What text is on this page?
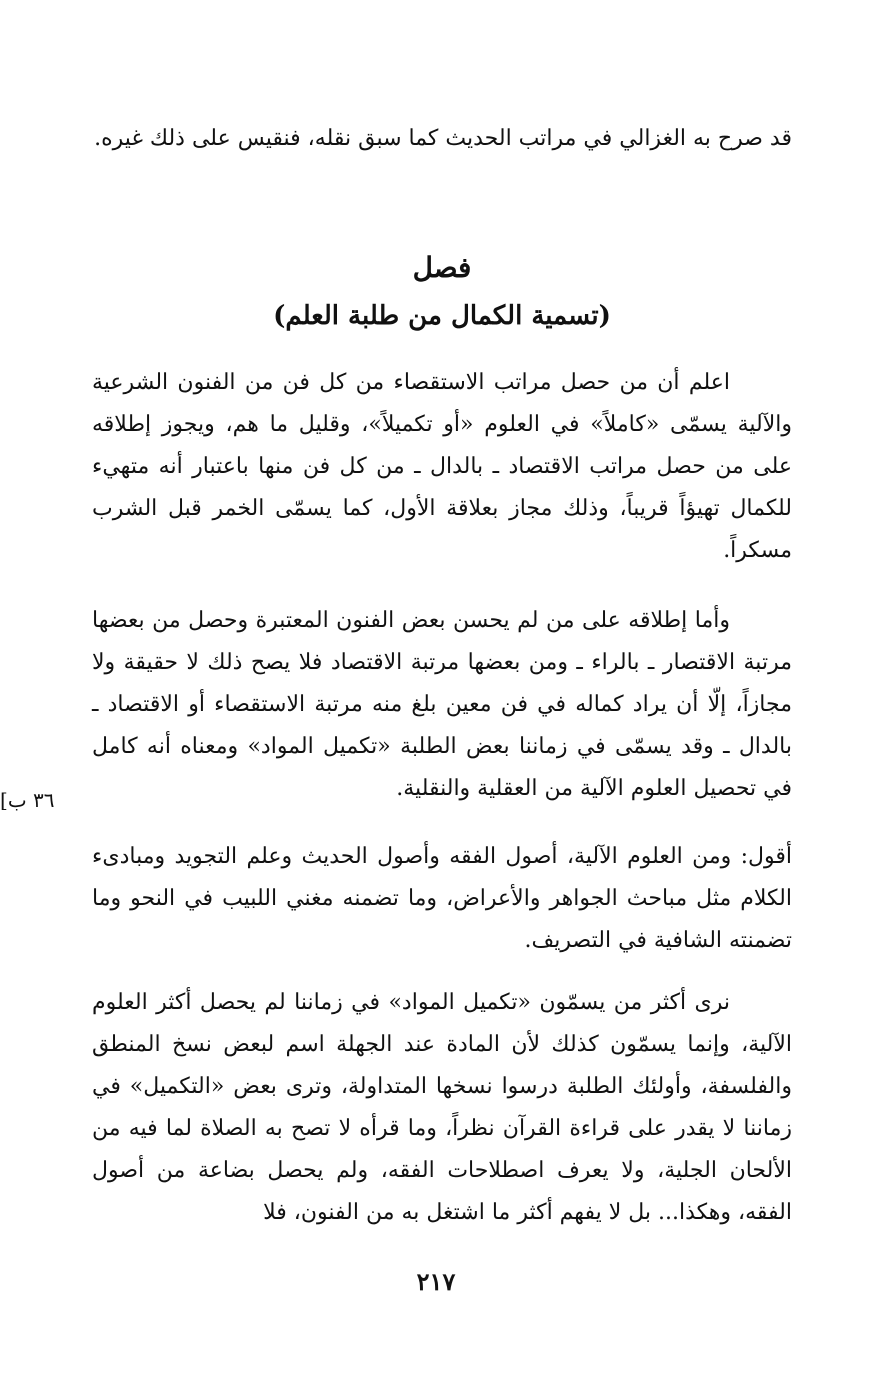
قد صرح به الغزالي في مراتب الحديث كما سبق نقله، فنقيس على ذلك غيره.

فصل
(تسمية الكمال من طلبة العلم)

اعلم أن من حصل مراتب الاستقصاء من كل فن من الفنون الشرعية والآلية يسمّى «كاملاً» في العلوم «أو تكميلاً»، وقليل ما هم، ويجوز إطلاقه على من حصل مراتب الاقتصاد ـ بالدال ـ من كل فن منها باعتبار أنه متهيء للكمال تهيؤاً قريباً، وذلك مجاز بعلاقة الأول، كما يسمّى الخمر قبل الشرب مسكراً.

وأما إطلاقه على من لم يحسن بعض الفنون المعتبرة وحصل من بعضها مرتبة الاقتصار ـ بالراء ـ ومن بعضها مرتبة الاقتصاد فلا يصح ذلك لا حقيقة ولا مجازاً، إلّا أن يراد كماله في فن معين بلغ منه مرتبة الاستقصاء أو الاقتصاد ـ بالدال ـ وقد يسمّى في زماننا بعض الطلبة «تكميل المواد» ومعناه أنه كامل في تحصيل العلوم الآلية من العقلية والنقلية.

أقول: ومن العلوم الآلية، أصول الفقه وأصول الحديث وعلم التجويد ومبادىء الكلام مثل مباحث الجواهر والأعراض، وما تضمنه مغني اللبيب في النحو وما تضمنته الشافية في التصريف.

نرى أكثر من يسمّون «تكميل المواد» في زماننا لم يحصل أكثر العلوم الآلية، وإنما يسمّون كذلك لأن المادة عند الجهلة اسم لبعض نسخ المنطق والفلسفة، وأولئك الطلبة درسوا نسخها المتداولة، وترى بعض «التكميل» في زماننا لا يقدر على قراءة القرآن نظراً، وما قرأه لا تصح به الصلاة لما فيه من الألحان الجلية، ولا يعرف اصطلاحات الفقه، ولم يحصل بضاعة من أصول الفقه، وهكذا... بل لا يفهم أكثر ما اشتغل به من الفنون، فلا

[٣٦ ب
٢١٧
